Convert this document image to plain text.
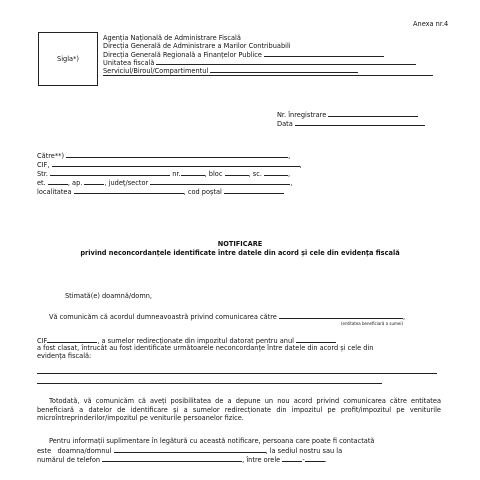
Anexa nr.4
Sigla*)
Agenția Națională de Administrare Fiscală
Direcția Generală de Administrare a Marilor Contribuabili
Direcția Generală Regională a Finanțelor Publice
Unitatea fiscală
Serviciul/Biroul/Compartimentul
Nr. înregistrare
Data
Către**)	,
CIF,	,
Str.	nr.	, bloc	, sc.	,
et.	, ap.	, județ/sector	,
localitatea	, cod poștal
NOTIFICARE
privind neconcordanțele identificate între datele din acord și cele din evidența fiscală
Stimată(e) doamnă/domn,
Vă comunicăm că acordul dumneavoastră privind comunicarea către	,
(entitatea beneficiară a sumei)
CIF	, a sumelor redirecționate din impozitul datorat pentru anul
a fost clasat, întrucât au fost identificate următoarele neconcordanțe între datele din acord și cele din
evidența fiscală:
Totodată, vă comunicăm că aveți posibilitatea de a depune un nou acord privind comunicarea către entitatea beneficiară a datelor de identificare și a sumelor redirecționate din impozitul pe profit/impozitul pe veniturile microîntreprinderilor/impozitul pe veniturile persoanelor fizice.
Pentru informații suplimentare în legătură cu această notificare, persoana care poate fi contactată
este doamna/domnul	, la sediul nostru sau la
numărul de telefon	, între orele	-	.
